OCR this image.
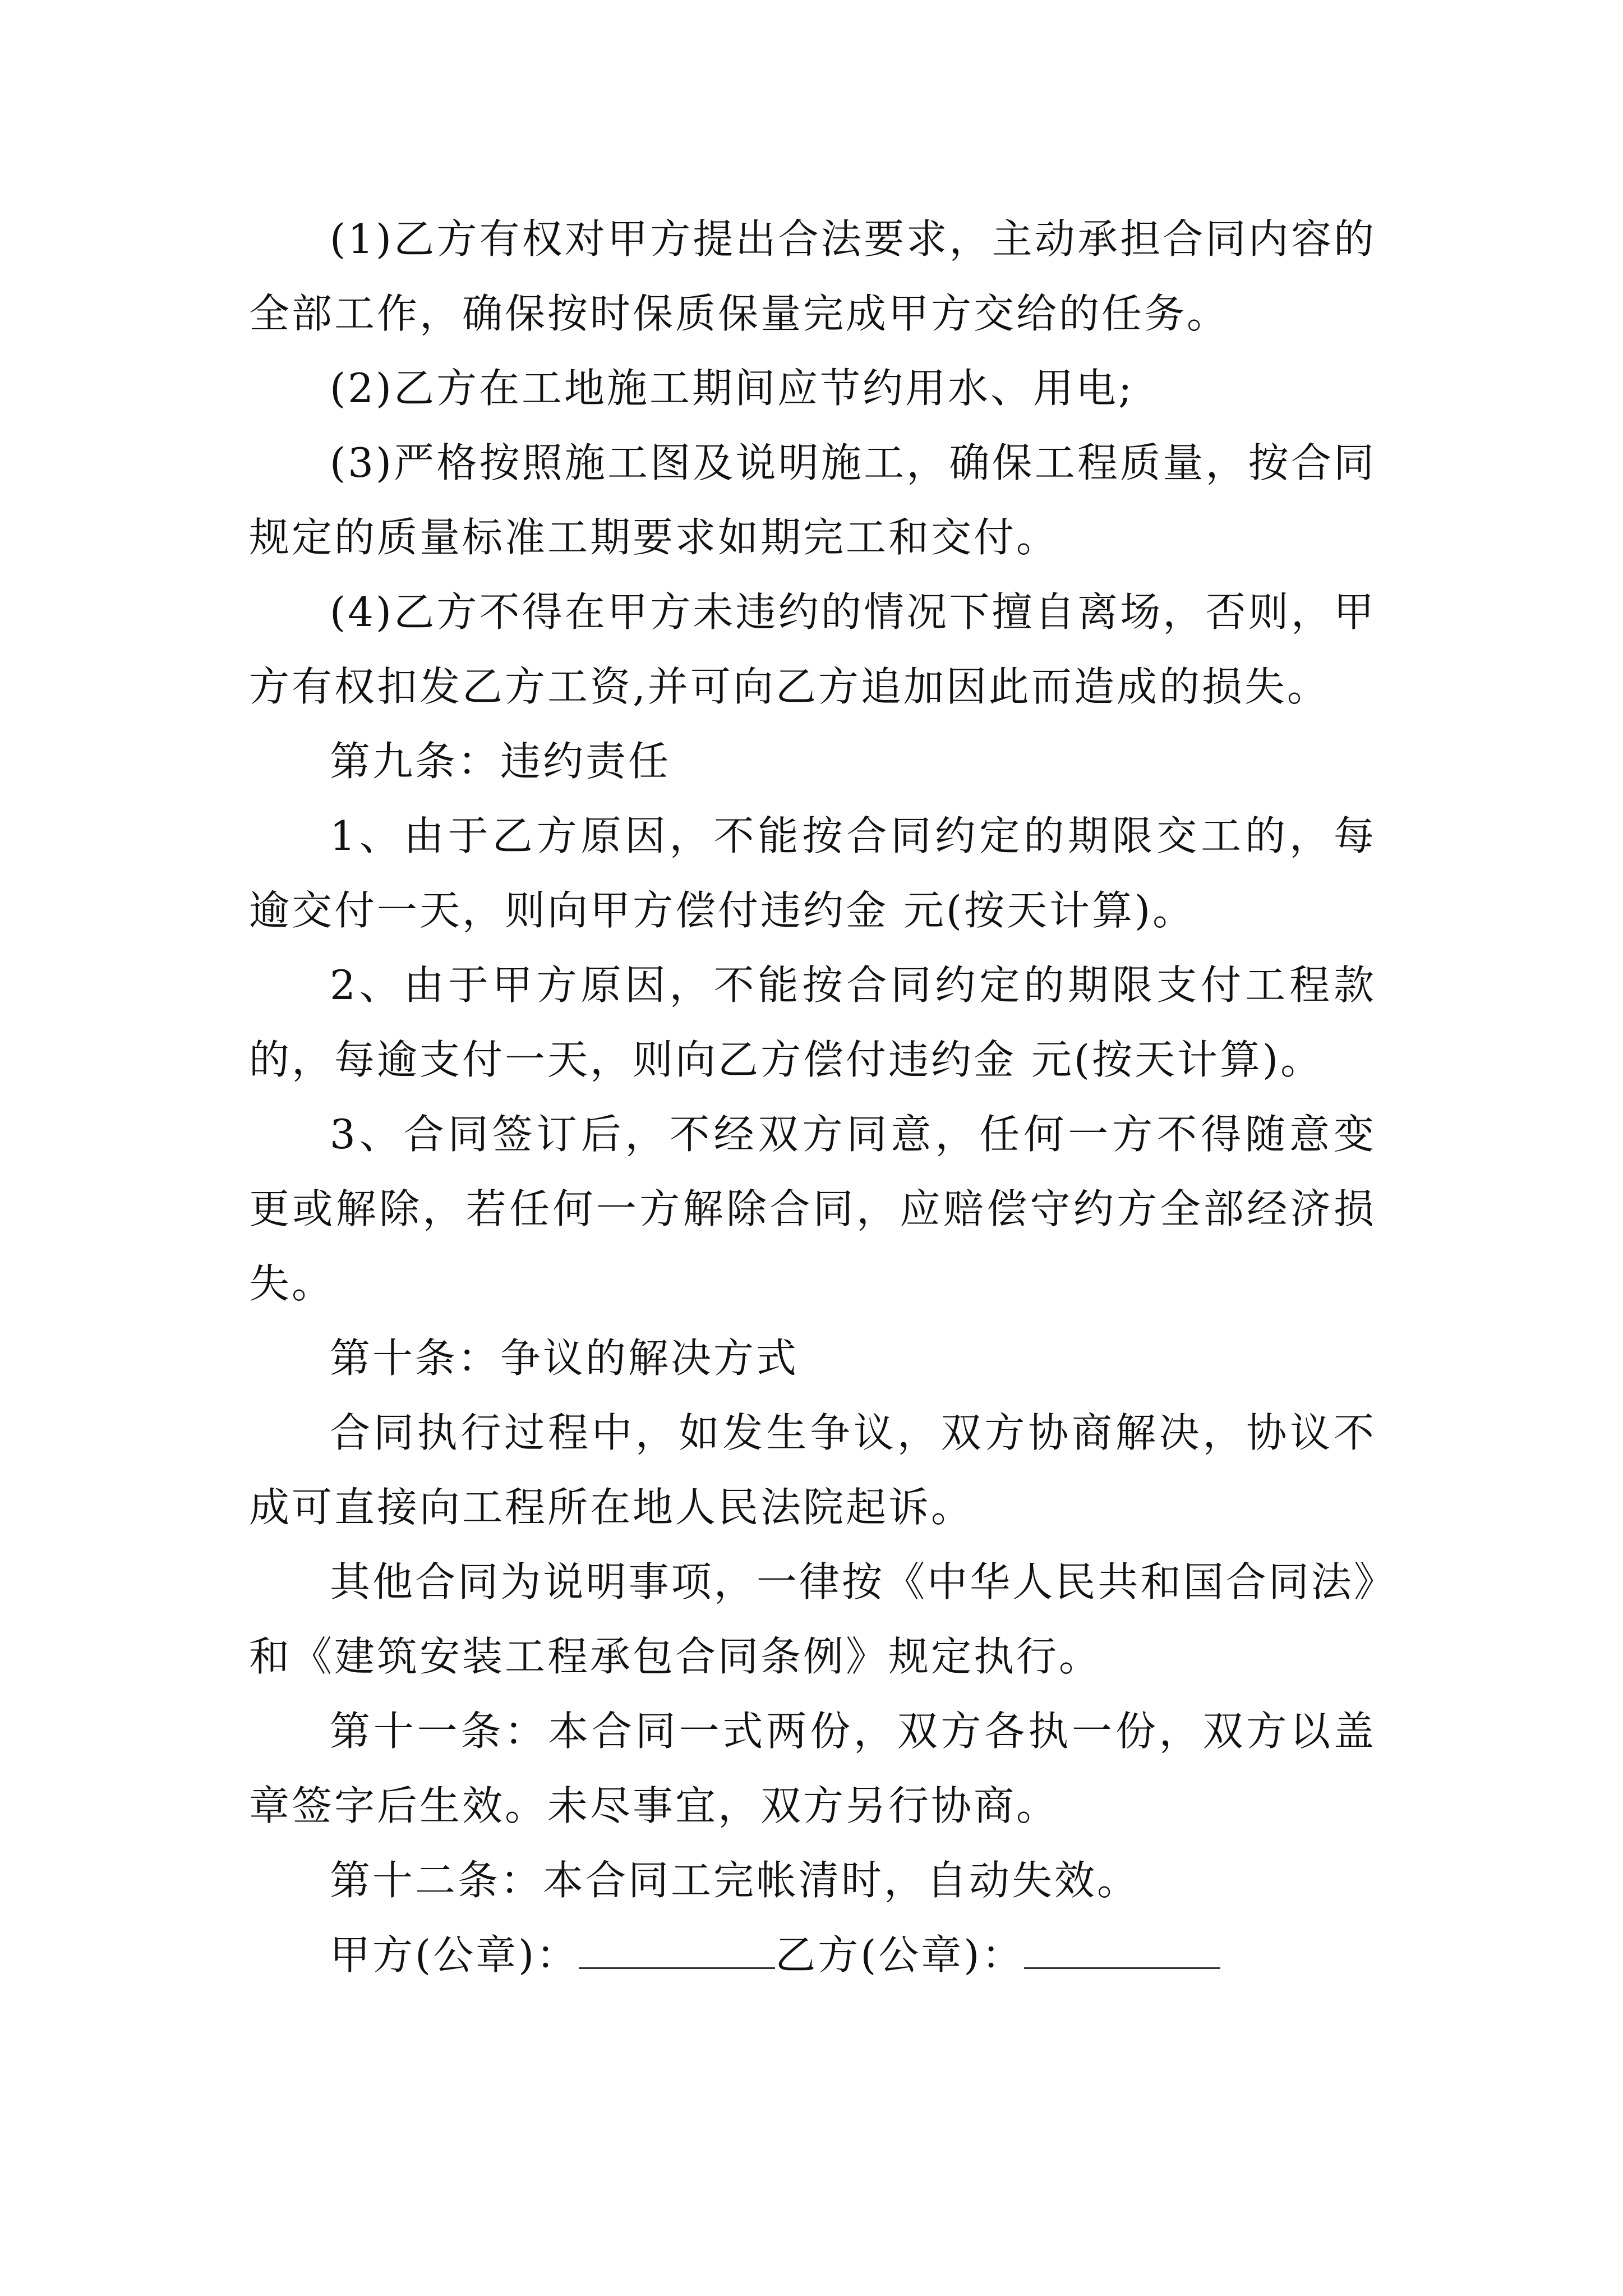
(1)乙方有权对甲方提出合法要求，主动承担合同内容的全部工作，确保按时保质保量完成甲方交给的任务。

(2)乙方在工地施工期间应节约用水、用电;

(3)严格按照施工图及说明施工，确保工程质量，按合同规定的质量标准工期要求如期完工和交付。

(4)乙方不得在甲方未违约的情况下擅自离场，否则，甲方有权扣发乙方工资,并可向乙方追加因此而造成的损失。

第九条：违约责任

1、由于乙方原因，不能按合同约定的期限交工的，每逾交付一天，则向甲方偿付违约金 元(按天计算)。

2、由于甲方原因，不能按合同约定的期限支付工程款的，每逾支付一天，则向乙方偿付违约金 元(按天计算)。

3、合同签订后，不经双方同意，任何一方不得随意变更或解除，若任何一方解除合同，应赔偿守约方全部经济损失。

第十条：争议的解决方式

合同执行过程中，如发生争议，双方协商解决，协议不成可直接向工程所在地人民法院起诉。

其他合同为说明事项，一律按《中华人民共和国合同法》和《建筑安装工程承包合同条例》规定执行。

第十一条：本合同一式两份，双方各执一份，双方以盖章签字后生效。未尽事宜，双方另行协商。

第十二条：本合同工完帐清时，自动失效。

甲方(公章)：	乙方(公章)：
